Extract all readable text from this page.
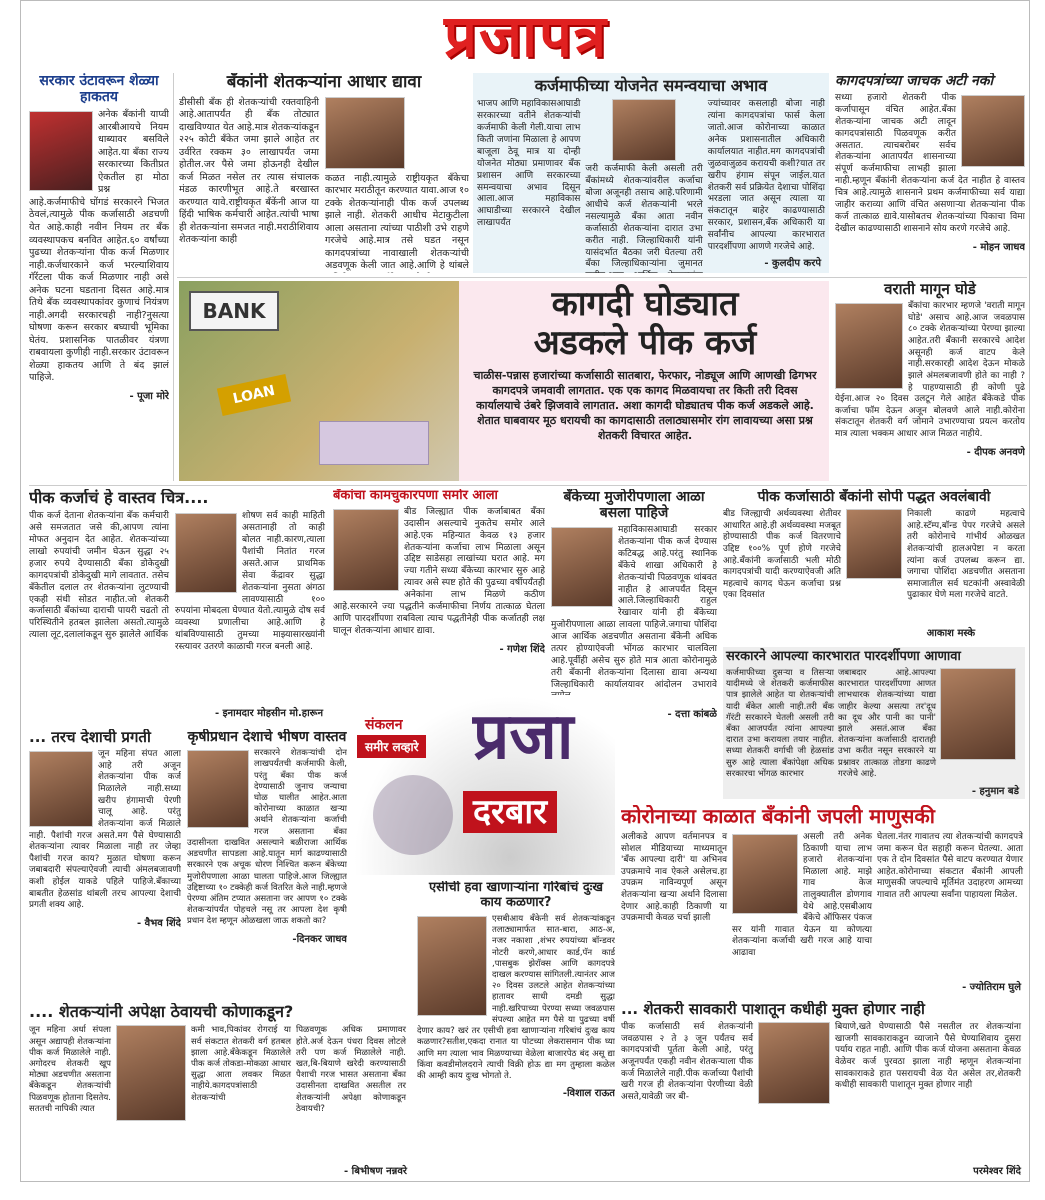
प्रजापत्र
सरकार उंटावरून शेळ्या हाकतय
अनेक बँकांनी याप्वी आरबीआयचे नियम धाब्यावर बसविले आहेत.या बँका राज्य सरकारच्या कितीप्रत ऐकतील हा मोठा प्रश्न आहे.कर्जमाफीचे घोंगडं सरकारने भिजत ठेवलं,त्यामुळे पीक कर्जासाठी अडचणी येत आहे.काही नवीन नियम तर बँक व्यवस्थापकच बनवित आहेत.६० वर्षांच्या पुढच्या शेतकऱ्यांना पीक कर्ज मिळणार नाही.कर्जधारकाने कर्ज भरल्याशिवाय गॅरेंटला पीक कर्ज मिळणार नाही असे अनेक घटना घडताना दिसत आहे.मात्र तिथे बँक व्यवस्थापकांवर कुणाचं नियंत्रण नाही.अगदी सरकारचही नाही?नुसत्या घोषणा करून सरकार बघ्याची भूमिका घेतंय. प्रशासनिक पातळीवर यंत्रणा राबवायला कुणीही नाही.सरकार उंटावरून शेळ्या हाकतय आणि ते बंद झालं पाहिजे.
- पूजा मोरे
बँकांनी शेतकऱ्यांना आधार द्यावा
डीसीसी बँक ही शेतकऱ्यांची रक्तवाहिनी आहे.आतापर्यंत ही बँक तोट्यात दाखविण्यात येत आहे.मात्र शेतकऱ्यांकडून २२५ कोटी बँकेत जमा झाले आहेत तर उर्वरित रक्कम ३० लाखापर्यंत जमा होतील.जर पैसे जमा होऊनही देखील कर्ज मिळत नसेल तर त्यास संचालक मंडळ कारणीभूत आहे.ते बरखास्त करण्यात यावे.राष्ट्रीयकृत बँकेंनी आज या हिंदी भाषिक कर्मचारी आहेत.त्यांची भाषा ही शेतकऱ्यांना समजत नाही.मराठीशिवाय शेतकऱ्यांना काही
कळत नाही.त्यामुळे राष्ट्रीयकृत बँकेचा कारभार मराठीतून करण्यात यावा.आज १० टक्के शेतकऱ्यांनाही पीक कर्ज उपलब्ध झाले नाही. शेतकरी आधीच मेटाकुटीला आला असताना त्यांच्या पाठीशी उभे राहणे गरजेचे आहे.मात्र तसे घडत नसून कागदपत्रांच्या नावाखाली शेतकऱ्यांची अडवणूक केली जात आहे.आणि हे थांबले
कर्जमाफीच्या योजनेत समन्वयाचा अभाव
भाजप आणि महाविकासआघाडी सरकारच्या वतीने शेतकऱ्यांची कर्जमाफी केली गेली.याचा लाभ किती जणांना मिळाला हे आपण बाजूला ठेवू मात्र या दोन्ही योजनेत मोठ्या प्रमाणावर बँक प्रशासन आणि सरकारच्या समन्वयाचा अभाव दिसून आला.आज महाविकास आघाडीच्या सरकारने देखील लाखापर्यंत
जरी कर्जमाफी केली असली तरी बँकांमध्ये शेतकऱ्यांवरील कर्जाचा बोजा अजूनही तसाच आहे.परिणामी आधीचे कर्ज शेतकऱ्यांनी भरले नसल्यामुळे बँका आता नवीन कर्जासाठी शेतकऱ्यांना दारात उभा करीत नाही. जिल्हाधिकारी यांनी यासंदर्भात बैठका जरी घेतल्या तरी बँका जिल्हाधिकाऱ्यांना जुमानत
ज्यांच्यावर कसलाही बोजा नाही त्यांना कागदपत्रांचा फार्स केला जातो.आज कोरोनाच्या काळात अनेक प्रशासनातील अधिकारी कार्यालयात नाहीत.मग कागदपत्रांची जुळवाजुळव करायची कशी?यात तर खरीप हंगाम संपून जाईल.यात शेतकरी सर्व प्रक्रियेत देशाचा पोशिंदा भरडला जात असून त्याला या संकटातून बाहेर काढण्यासाठी सरकार, प्रशासन,बँक अधिकारी या सर्वांनीच आपल्या कारभारात पारदर्शीपणा आणणे गरजेचे आहे.
- कुलदीप करपे
कागदपत्रांच्या जाचक अटी नको
सध्या हजारो शेतकरी पीक कर्जापासून वंचित आहेत.बँका शेतकऱ्यांना जाचक अटी लादून कागदपत्रांसाठी पिळवणूक करीत असतात. त्याचबरोबर सर्वच शेतकऱ्यांना आतापर्यंत शासनाच्या संपूर्ण कर्जमाफीचा लाभही झाला नाही.म्हणून बँकांनी शेतकऱ्यांना कर्ज देत नाहीत हे वास्तव चित्र आहे.त्यामुळे शासनाने प्रथम कर्जमाफीच्या सर्व याद्या जाहीर कराव्या आणि वंचित असणाऱ्या शेतकऱ्यांना पीक कर्ज तात्काळ द्यावे.यासोबतच शेतकऱ्यांच्या पिकाचा विमा देखील काढण्यासाठी शासनाने सोय करणे गरजेचे आहे.
- मोहन जाधव
BANK
LOAN
कागदी घोड्यात
अडकले पीक कर्ज
चाळीस-पन्नास हजारांच्या कर्जासाठी सातबारा, फेरफार, नोड्यूज आणि आणखी ढिगभर कागदपत्रे जमवावी लागतात. एक एक कागद मिळवायचा तर किती तरी दिवस कार्यालयाचे उंबरे झिजवावे लागतात. अशा कागदी घोड्यातच पीक कर्ज अडकले आहे. शेतात घाबवायर मूठ धरायची का कागदासाठी तलाठ्यासमोर रांग लावायच्या असा प्रश्न शेतकरी विचारत आहेत.
वराती मागून घोडे
बँकांचा कारभार म्हणजे 'वराती मागून घोडे' असाच आहे.आज जवळपास ८० टक्के शेतकऱ्यांच्या पेरण्या झाल्या आहेत.तरी बँकानी सरकारचे आदेश असूनही कर्ज वाटप केले नाही.सरकारही आदेश देऊन मोकळे झाले अंमलबजावणी होते का नाही ? हे पाहण्यासाठी ही कोणी पुढे येईना.आज २० दिवस उलटून गेले आहेत बँकेकडे पीक कर्जाचा फॉम देऊन अजून बोलवणे आले नाही.कोरोना संकटातून शेतकरी वर्ग जोमाने उभारण्याचा प्रयत्न करतोय मात्र त्याला भक्कम आधार आज मिळत नाहीये.
- दीपक अनवणे
पीक कर्जाचं हे वास्तव चित्र....
पीक कर्ज देताना शेतकऱ्यांना बँक कर्मचारी असे समजतात जसे की,आपण त्यांना मोफत अनुदान देत आहेत. शेतकऱ्यांच्या लाखो रुपयांची जमीन घेऊन सुद्धा २५ हजार रुपये देण्यासाठी बँका डोकेदुखी कागदपत्रांची डोकेदुखी मागे लावतात. तसेच बँकेतील दलाल तर शेतकऱ्यांना लुटण्याची एकही संधी सोडत नाहीत.जो शेतकरी कर्जासाठी बँकांच्या दाराची पायरी चढतो तो परिस्थितीने हतबल झालेला असतो.त्यामुळे त्याला लूट,दलालांकडून सुरु झालेले आर्थिक
शोषण सर्व काही माहिती असतानाही तो काही बोलत नाही.कारण,त्याला पैशांची नितांत गरज असते.आज प्राथमिक सेवा केंद्रावर सुद्धा शेतकऱ्यांना नुसता अंगठा लावण्यासाठी १०० रुपयांना मोबदला घेण्यात येतो.त्यामुळे दोष सर्व व्यवस्था प्रणालीचा आहे.आणि हे थांबविण्यासाठी तुमच्या माझ्यासारख्यांनी रस्त्यावर उतरणे काळाची गरज बनली आहे.
- इनामदार मोहसीन मो.हारून
बँकांचा कामचुकारपणा समोर आला
बीड जिल्ह्यात पीक कर्जाबाबत बँका उदासीन असल्याचे नुकतेच समोर आले आहे.एक महिन्यात केवळ १३ हजार शेतकऱ्यांना कर्जाचा लाभ मिळाला असून उद्दिष्ट साडेसहा लाखांच्या घरात आहे. मग ज्या गतीने सध्या बँकेच्या कारभार सुरु आहे त्यावर असे स्पष्ट होते की पुढच्या वर्षीपर्यंतही अनेकांना लाभ मिळणे कठीण आहे.सरकारने ज्या पद्धतीने कर्जमाफीचा निर्णय तात्काळ घेतला आणि पारदर्शीपणा राबविला त्याच पद्धतीनेही पीक कर्जातही लक्ष घालून शेतकऱ्यांना आधार द्यावा.
- गणेश शिंदे
बँकेच्या मुजोरीपणाला आळा बसला पाहिजे
महाविकासआघाडी सरकार शेतकऱ्यांना पीक कर्ज देण्यास कटिबद्ध आहे.परंतु स्थानिक बँकेचे शाखा अधिकारी हे शेतकऱ्यांची पिळवणूक थांबवत नाहीत हे आजपर्यंत दिसून आले.जिल्हाधिकारी राहुल रेखावार यांनी ही बँकेच्या मुजोरीपणाला आळा लावला पाहिजे.जगाचा पोशिंदा आज आर्थिक अडचणीत असताना बँकेनी अधिक तत्पर होण्याऐवजी भोंगळ कारभार चालविला आहे.पूर्वीही असेच सुरु होते मात्र आता कोरोनामुळे तरी बँकानी शेतकऱ्यांना दिलासा द्यावा अन्यथा जिल्हाधिकारी कार्यालयावर आंदोलन उभारावे
- दत्ता कांबळे
पीक कर्जासाठी बँकांनी सोपी पद्धत अवलंबावी
बीड जिल्ह्याची अर्थव्यवस्था शेतीवर आधारित आहे.ही अर्थव्यवस्था मजबूत होण्यासाठी पीक कर्ज वितरणाचे उद्दिष्ट १००% पूर्ण होणे गरजेचे आहे.बँकांनी कर्जासाठी भली मोठी कागदपत्रांची यादी करण्याऐवजी अति महत्वाचे कागद घेऊन कर्जाचा प्रश्न एका दिवसांत
निकाली काढणे महत्वाचे आहे.स्टॅम्प,बॉन्ड पेपर गरजेचे असले तरी कोरोनाचे गांभीर्य ओळखत शेतकऱ्यांची हालअपेष्टा न करता त्यांना कर्ज उपलब्ध करून द्या. जगाचा पोशिंदा अडचणीत असताना समाजातील सर्व घटकांनी अस्वावेळी पुढाकार घेणे मला गरजेचे वाटते.
आकाश मस्के
सरकारने आपल्या कारभारात पारदर्शीपणा आणावा
कर्जमाफीच्या दुसऱ्या व तिसऱ्या यादीमध्ये जे शेतकरी कर्जमाफीस पात्र झालेले आहेत या शेतकऱ्यांची यादी बँकेत आली नाही.तरी बँक गॅरंटी सरकारने घेतली असली तरी बँका आजपर्यंत त्यांना आपल्या दारात उभा करायला तयार नाहीत. सध्या शेतकरी वर्गाची जी हेळसांड सुरु आहे त्याला बँकांपेक्षा अधिक सरकारचा भोंगळ कारभार
जबाबदार आहे.आपल्या कारभारात पारदर्शीपणा आणत लाभधारक शेतकऱ्यांच्या याद्या जाहीर केल्या असत्या तर'दूध का दूध और पानी का पानी' झाले असतं.आज बँका शेतकऱ्यांना कर्जासाठी दारातही उभा करीत नसून सरकारने या प्रश्नावर तात्काळ तोडगा काढणे गरजेचे आहे.
- हनुमान बडे
... तरच देशाची प्रगती
जून महिना संपत आला आहे तरी अजून शेतकऱ्यांना पीक कर्ज मिळालेले नाही.सध्या खरीप हंगामाची पेरणी चालू आहे. परंतु शेतकऱ्यांना कर्ज मिळाले नाही. पैशांची गरज असते.मग पैसे घेण्यासाठी शेतकऱ्यांना त्यावर मिळाला नाही तर जेव्हा पैशांची गरज काय? मुळात घोषणा करून जबाबदारी संपल्याऐवजी त्याची अंमलबजावणी कशी होईल याकडे पहिले पाहिजे.बँकाच्या बाबतीत हेळसांड थांबली तरच आपल्या देशाची प्रगती शक्य आहे.
- वैभव शिंदे
कृषीप्रधान देशाचे भीषण वास्तव
सरकारने शेतकऱ्यांची दोन लाखपर्यंतची कर्जमाफी केली, परंतु बँका पीक कर्ज देण्यासाठी जुनाच जन्याचा घोळ घालीत आहेत.आता कोरोनाच्या काळात खऱ्या अर्थाने शेतकऱ्यांना कर्जाची गरज असताना बँका उदासीनता दाखवित असल्याने बळीराजा आर्थिक अडचणीत सापडला आहे.यातून मार्ग काढण्यासाठी सरकारने एक अचूक धोरण निश्चित करून बँकेच्या मुजोरीपणाला आळा घालता पाहिजे.आज जिल्ह्यात उद्दिष्टाच्या १० टक्केही कर्ज वितरित केले नाही.म्हणजे पेरण्या अंतिम टप्यात असताना जर आपण १० टक्के शेतकऱ्यांपर्यंत पोहचले नसू तर आपला देश कृषी प्रधान देश म्हणून ओळखला जाऊ शकतो का?
-दिनकर जाधव
संकलन
समीर लव्हारे प्रजा
दरबार	कोरोनाच्या काळात बँकांनी जपली माणुसकी
अलीकडे आपण वर्तमानपत्र व सोशल मीडियाच्या माध्यमातून 'बँक आपल्या दारी' या अभिनव उपक्रमाचे नाव ऐकले असेलच.हा उपक्रम नाविन्यपूर्ण असून शेतकऱ्यांना खऱ्या अर्थाने दिलासा देणार आहे.काही ठिकाणी या उपक्रमाची केवळ चर्चा झाली
असली तरी अनेक ठिकाणी याचा लाभ हजारो शेतकऱ्यांना मिळाला आहे. माझे गाव केज तालुक्यातील डोणगाव येथे आहे.एसबीआय बँकेचे ऑफिसर पंकज सर यांनी गावात येऊन या कोणत्या शेतकऱ्यांना कर्जाची खरी गरज आहे याचा आढावा
घेतला.नंतर गावातच त्या शेतकऱ्यांची कागदपत्रे जमा करून घेत सहाही करून घेतल्या. आता एक ते दोन दिवसांत पैसे वाटप करण्यात येणार आहेत.कोरोनाच्या संकटात बँकांनी आपली माणुसकी जपल्याचे मूर्तिमंत उदाहरण आमच्या गावात तरी आपल्या सर्वांना पाहायला मिळेल.
- ज्योतिराम घुले
एसीची हवा खाणाऱ्यांना गरिबांचं दुःख काय कळणार?
एसबीआय बँकेनी सर्व शेतकऱ्यांकडून तलाठ्यामार्फत सात-बारा, आठ-अ, नजर नकाशा ,शंभर रुपयांच्या बॉन्डवर नोटरी करणे,आधार कार्ड,पॅन कार्ड ,पासबुक झेरॉक्स आणि कागदपत्रे दाखल करण्यास सांगितली.त्यानंतर आज २० दिवस उलटले आहेत शेतकऱ्यांच्या हातावर साधी दमडी सुद्धा नाही.खरिपाच्या पेरण्या सध्या जवळपास संपल्या आहेत मग पैसे या पुढच्या वर्षी देणार काय? खरं तर एसीची हवा खाणाऱ्यांना गरिबांचं दुःख काय कळणार?सतीश,एकदा रानात या पोटच्या लेकरासमान पीक घ्या आणि मग त्याला भाव मिळण्याच्या वेळेला बाजारपेठ बंद असू द्या किंवा कवडीमोलदराने त्याची विक्री होऊ द्या मग तुम्हाला कळेल की आम्ही काय दुःख भोगतो ते.
-विशाल राऊत
.... शेतकऱ्यांनी अपेक्षा ठेवायची कोणाकडून?
जून महिना अर्धा संपला असून अद्यापही शेतकऱ्यांना पीक कर्ज मिळालेले नाही. अगोदरच शेतकरी खूप मोठ्या अडचणीत असताना बँकेकडून शेतकऱ्यांची पिळवणूक होताना दिसतेय. सततची नापिकी त्यात
कमी भाव,पिकांवर रोगराई या सर्व संकटात शेतकरी वर्ग हतबल झाला आहे.बँकेकडून मिळालेले पीक कर्ज तोकडा-मोकळा आधार सुद्धा आता लवकर मिळत नाहीये.कागदपत्रांसाठी शेतकऱ्यांची
पिळवणूक अधिक प्रमाणावर होते.अर्ज देऊन पंधरा दिवस लोटले तरी पण कर्ज मिळालेले नाही. खत,बि-बियाणे खरेदी करण्यासाठी पैशाची गरज भासत असताना बँका उदासीनता दाखवित असतील तर शेतकऱ्यांनी अपेक्षा कोणाकडून ठेवायची?
- बिभीषण नन्नवरे
... शेतकरी सावकारी पाशातून कधीही मुक्त होणार नाही
पीक कर्जासाठी सर्व शेतकऱ्यांनी जवळपास २ ते ३ जून पर्यंतच सर्व कागदपत्रांची पूर्तता केली आहे, परंतु अजूनपर्यंत एकही नवीन शेतकऱ्याला पीक कर्ज मिळालेले नाही.पीक कर्जाच्या पैशांची खरी गरज ही शेतकऱ्यांना पेरणीच्या वेळी असते,यावेळी जर बी-
बियाणे,खते घेण्यासाठी पैसे नसतील तर शेतकऱ्यांना खाजगी सावकाराकडून व्याजाने पैसे घेण्याशिवाय दुसरा पर्याय राहत नाही. आणि पीक कर्ज योजना असताना केवळ वेळेवर कर्ज पुरवठा झाला नाही म्हणून शेतकऱ्यांना सावकाराकडे हात पसरायची वेळ येत असेल तर,शेतकरी कधीही सावकारी पाशातून मुक्त होणार नाही
परमेश्वर शिंदे
